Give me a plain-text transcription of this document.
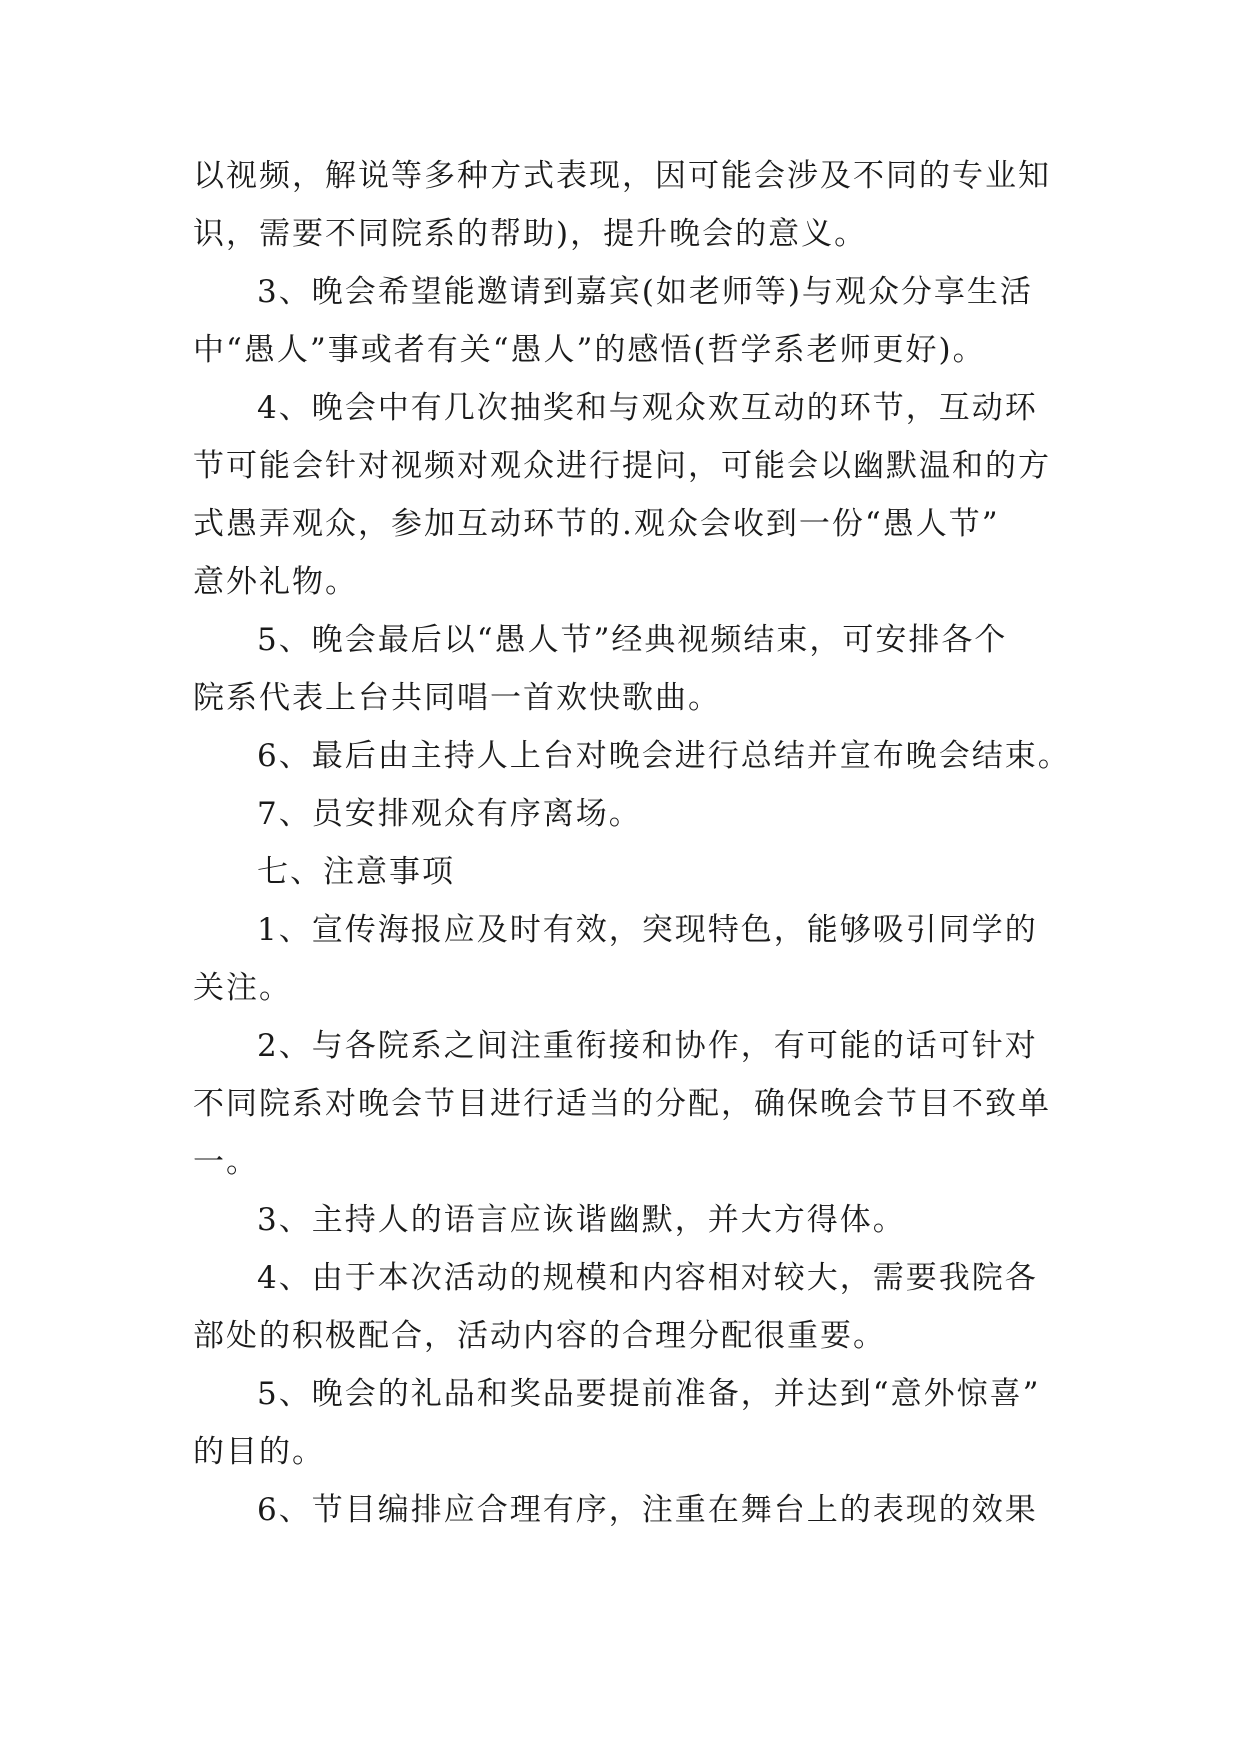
以视频，解说等多种方式表现，因可能会涉及不同的专业知
识，需要不同院系的帮助)，提升晚会的意义。
3、晚会希望能邀请到嘉宾(如老师等)与观众分享生活
中“愚人”事或者有关“愚人”的感悟(哲学系老师更好)。
4、晚会中有几次抽奖和与观众欢互动的环节，互动环
节可能会针对视频对观众进行提问，可能会以幽默温和的方
式愚弄观众，参加互动环节的.观众会收到一份“愚人节”
意外礼物。
5、晚会最后以“愚人节”经典视频结束，可安排各个
院系代表上台共同唱一首欢快歌曲。
6、最后由主持人上台对晚会进行总结并宣布晚会结束。
7、员安排观众有序离场。
七、注意事项
1、宣传海报应及时有效，突现特色，能够吸引同学的
关注。
2、与各院系之间注重衔接和协作，有可能的话可针对
不同院系对晚会节目进行适当的分配，确保晚会节目不致单
一。
3、主持人的语言应诙谐幽默，并大方得体。
4、由于本次活动的规模和内容相对较大，需要我院各
部处的积极配合，活动内容的合理分配很重要。
5、晚会的礼品和奖品要提前准备，并达到“意外惊喜”
的目的。
6、节目编排应合理有序，注重在舞台上的表现的效果
